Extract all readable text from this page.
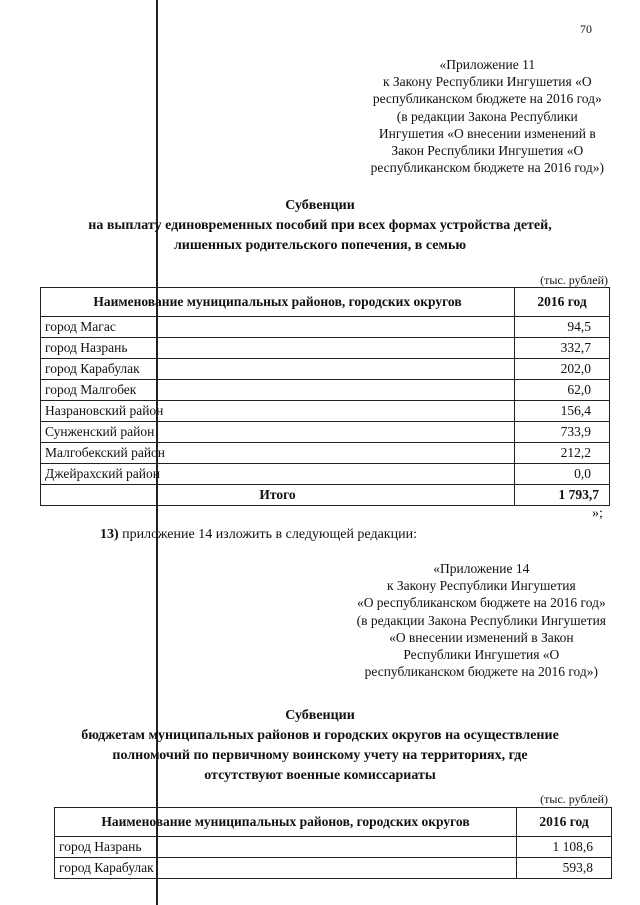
70
«Приложение 11
к Закону Республики Ингушетия «О
республиканском бюджете на 2016 год»
(в редакции Закона Республики
Ингушетия «О внесении изменений в
Закон Республики Ингушетия «О
республиканском бюджете на 2016 год»)
Субвенции
на выплату единовременных пособий при всех формах устройства детей,
лишенных родительского попечения, в семью
(тыс. рублей)
Наименование муниципальных районов, городских округов	2016 год
город Магас	94,5
город Назрань	332,7
город Карабулак	202,0
город Малгобек	62,0
Назрановский район	156,4
Сунженский район	733,9
Малгобекский район	212,2
Джейрахский район	0,0
Итого	1 793,7
»;
13) приложение 14 изложить в следующей редакции:
«Приложение 14
к Закону Республики Ингушетия
«О республиканском бюджете на 2016 год»
(в редакции Закона Республики Ингушетия
«О внесении изменений в Закон
Республики Ингушетия «О
республиканском бюджете на 2016 год»)
Субвенции
бюджетам муниципальных районов и городских округов на осуществление
полномочий по первичному воинскому учету на территориях, где
отсутствуют военные комиссариаты
(тыс. рублей)
Наименование муниципальных районов, городских округов	2016 год
город Назрань	1 108,6
город Карабулак	593,8
